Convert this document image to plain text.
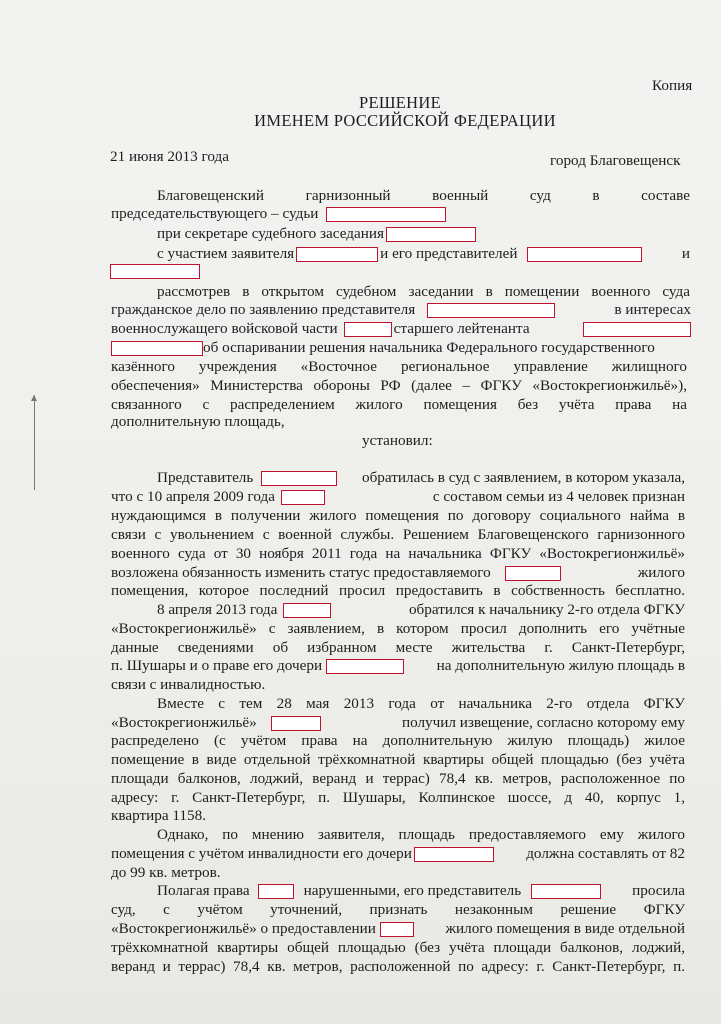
Копия
РЕШЕНИЕ
ИМЕНЕМ РОССИЙСКОЙ ФЕДЕРАЦИИ
21 июня 2013 года	город Благовещенск
Благовещенский гарнизонный военный суд в составе
председательствующего – судьи
при секретаре судебного заседания
с участием заявителя	и его представителей	и
рассмотрев в открытом судебном заседании в помещении военного суда
гражданское дело по заявлению представителя	в интересах
военнослужащего войсковой части	старшего лейтенанта
об оспаривании решения начальника Федерального государственного
казённого учреждения «Восточное региональное управление жилищного
обеспечения» Министерства обороны РФ (далее – ФГКУ «Востокрегионжильё»),
связанного с распределением жилого помещения без учёта права на
дополнительную площадь,
установил:
Представитель	обратилась в суд с заявлением, в котором указала,
что с 10 апреля 2009 года	с составом семьи из 4 человек признан
нуждающимся в получении жилого помещения по договору социального найма в
связи с увольнением с военной службы. Решением Благовещенского гарнизонного
военного суда от 30 ноября 2011 года на начальника ФГКУ «Востокрегионжильё»
возложена обязанность изменить статус предоставляемого	жилого
помещения, которое последний просил предоставить в собственность бесплатно.
8 апреля 2013 года	обратился к начальнику 2-го отдела ФГКУ
«Востокрегионжильё» с заявлением, в котором просил дополнить его учётные
данные сведениями об избранном месте жительства г. Санкт-Петербург,
п. Шушары и о праве его дочери	на дополнительную жилую площадь в
связи с инвалидностью.
Вместе с тем 28 мая 2013 года от начальника 2-го отдела ФГКУ
«Востокрегионжильё»	получил извещение, согласно которому ему
распределено (с учётом права на дополнительную жилую площадь) жилое
помещение в виде отдельной трёхкомнатной квартиры общей площадью (без учёта
площади балконов, лоджий, веранд и террас) 78,4 кв. метров, расположенное по
адресу: г. Санкт-Петербург, п. Шушары, Колпинское шоссе, д 40, корпус 1,
квартира 1158.
Однако, по мнению заявителя, площадь предоставляемого ему жилого
помещения с учётом инвалидности его дочери	должна составлять от 82
до 99 кв. метров.
Полагая права	нарушенными, его представитель	просила
суд, с учётом уточнений, признать незаконным решение ФГКУ
«Востокрегионжильё» о предоставлении	жилого помещения в виде отдельной
трёхкомнатной квартиры общей площадью (без учёта площади балконов, лоджий,
веранд и террас) 78,4 кв. метров, расположенной по адресу: г. Санкт-Петербург, п.
